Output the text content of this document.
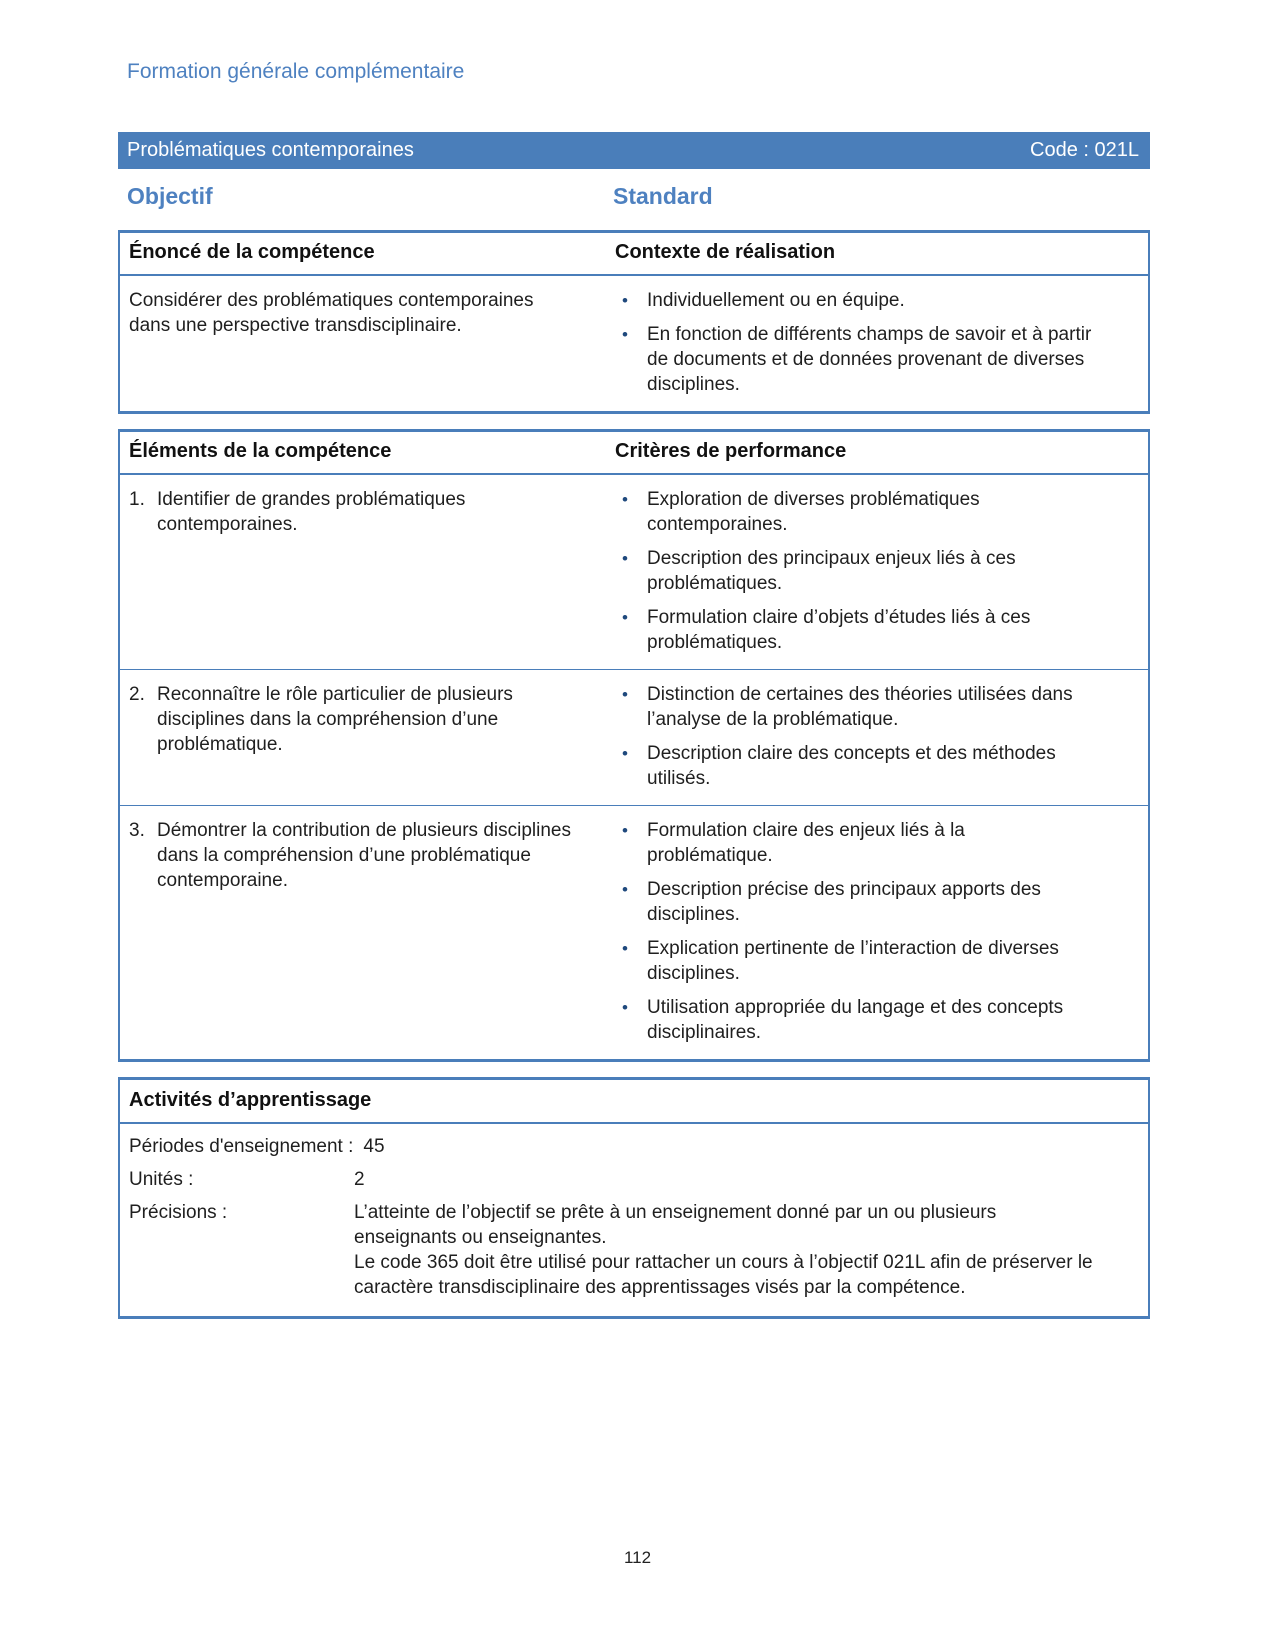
Formation générale complémentaire
Problématiques contemporaines	Code : 021L
Objectif	Standard
Énoncé de la compétence	Contexte de réalisation
Considérer des problématiques contemporaines dans une perspective transdisciplinaire.
•	Individuellement ou en équipe.
•	En fonction de différents champs de savoir et à partir de documents et de données provenant de diverses disciplines.
Éléments de la compétence	Critères de performance
1. Identifier de grandes problématiques contemporaines.
•	Exploration de diverses problématiques contemporaines.
•	Description des principaux enjeux liés à ces problématiques.
•	Formulation claire d’objets d’études liés à ces problématiques.
2. Reconnaître le rôle particulier de plusieurs disciplines dans la compréhension d’une problématique.
•	Distinction de certaines des théories utilisées dans l’analyse de la problématique.
•	Description claire des concepts et des méthodes utilisés.
3. Démontrer la contribution de plusieurs disciplines dans la compréhension d’une problématique contemporaine.
•	Formulation claire des enjeux liés à la problématique.
•	Description précise des principaux apports des disciplines.
•	Explication pertinente de l’interaction de diverses disciplines.
•	Utilisation appropriée du langage et des concepts disciplinaires.
Activités d’apprentissage
Périodes d'enseignement : 45
Unités :	2
Précisions :	L’atteinte de l’objectif se prête à un enseignement donné par un ou plusieurs enseignants ou enseignantes.
Le code 365 doit être utilisé pour rattacher un cours à l’objectif 021L afin de préserver le caractère transdisciplinaire des apprentissages visés par la compétence.
112
